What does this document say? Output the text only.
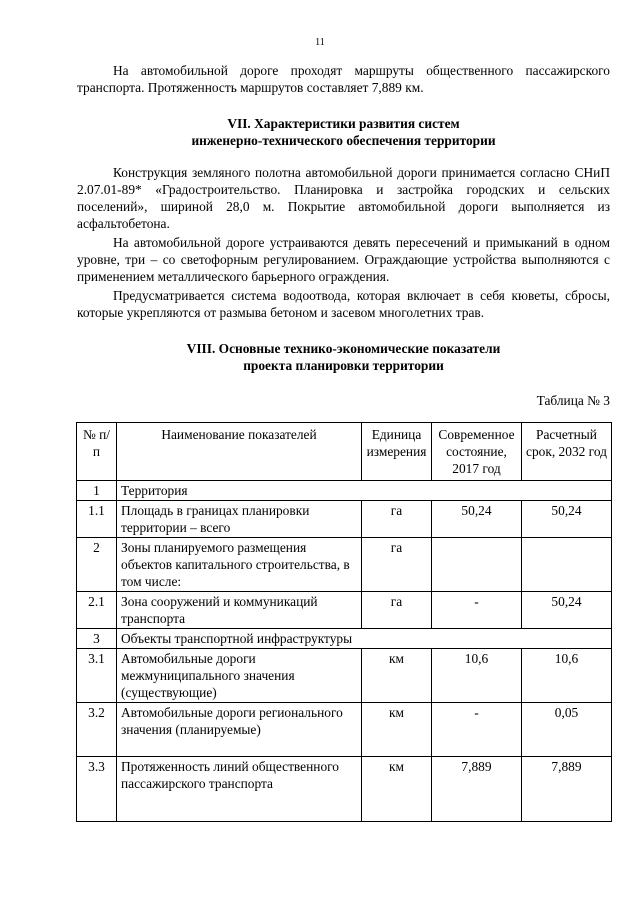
11

На автомобильной дороге проходят маршруты общественного пассажирского транспорта. Протяженность маршрутов составляет 7,889 км.

VII. Характеристики развития систем
инженерно-технического обеспечения территории

Конструкция земляного полотна автомобильной дороги принимается согласно СНиП 2.07.01-89* «Градостроительство. Планировка и застройка городских и сельских поселений», шириной 28,0 м. Покрытие автомобильной дороги выполняется из асфальтобетона.

На автомобильной дороге устраиваются девять пересечений и примыканий в одном уровне, три – со светофорным регулированием. Ограждающие устройства выполняются с применением металлического барьерного ограждения.

Предусматривается система водоотвода, которая включает в себя кюветы, сбросы, которые укрепляются от размыва бетоном и засевом многолетних трав.

VIII. Основные технико-экономические показатели
проекта планировки территории
Таблица № 3
№ п/п	Наименование показателей	Единица измерения	Современное состояние, 2017 год	Расчетный срок, 2032 год
1	Территория			
1.1	Площадь в границах планировки территории – всего	га	50,24	50,24
2	Зоны планируемого размещения объектов капитального строительства, в том числе:	га		
2.1	Зона сооружений и коммуникаций транспорта	га	-	50,24
3	Объекты транспортной инфраструктуры			
3.1	Автомобильные дороги межмуниципального значения (существующие)	км	10,6	10,6
3.2	Автомобильные дороги регионального значения (планируемые)	км	-	0,05
3.3	Протяженность линий общественного пассажирского транспорта	км	7,889	7,889
